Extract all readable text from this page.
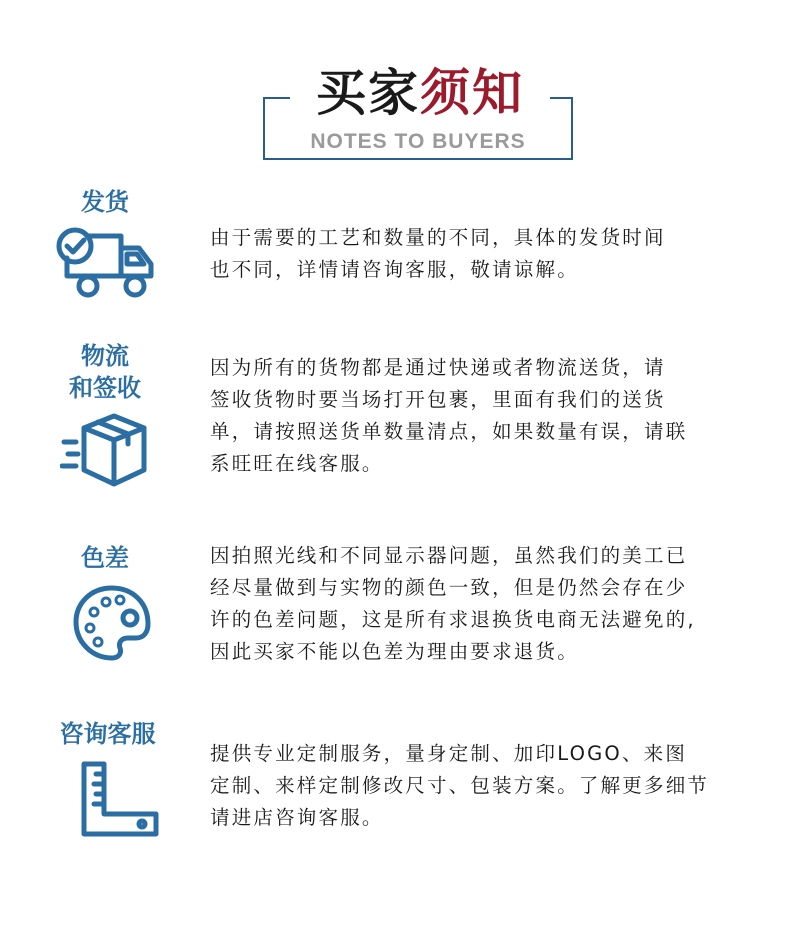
买家须知
NOTES TO BUYERS
发货
由于需要的工艺和数量的不同，具体的发货时间
也不同，详情请咨询客服，敬请谅解。
物流
和签收
因为所有的货物都是通过快递或者物流送货，请
签收货物时要当场打开包裹，里面有我们的送货
单，请按照送货单数量清点，如果数量有误，请联
系旺旺在线客服。
色差	因拍照光线和不同显示器问题，虽然我们的美工已
经尽量做到与实物的颜色一致，但是仍然会存在少
许的色差问题，这是所有求退换货电商无法避免的,
因此买家不能以色差为理由要求退货。
咨询客服
提供专业定制服务，量身定制、加印LOGO、来图
定制、来样定制修改尺寸、包装方案。了解更多细节
请进店咨询客服。
